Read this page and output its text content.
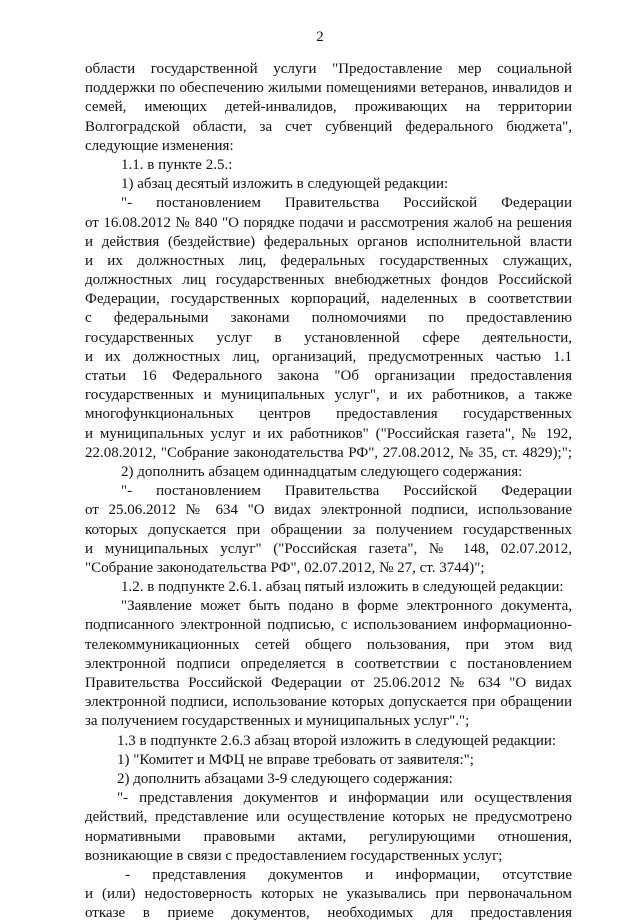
2
области государственной услуги "Предоставление мер социальной
поддержки по обеспечению жилыми помещениями ветеранов, инвалидов и
семей, имеющих детей-инвалидов, проживающих на территории
Волгоградской области, за счет субвенций федерального бюджета",
следующие изменения:
1.1. в пункте 2.5.:
1) абзац десятый изложить в следующей редакции:
"- постановлением Правительства Российской Федерации
от 16.08.2012 № 840 "О порядке подачи и рассмотрения жалоб на решения
и действия (бездействие) федеральных органов исполнительной власти
и их должностных лиц, федеральных государственных служащих,
должностных лиц государственных внебюджетных фондов Российской
Федерации, государственных корпораций, наделенных в соответствии
с федеральными законами полномочиями по предоставлению
государственных услуг в установленной сфере деятельности,
и их должностных лиц, организаций, предусмотренных частью 1.1
статьи 16 Федерального закона "Об организации предоставления
государственных и муниципальных услуг", и их работников, а также
многофункциональных центров предоставления государственных
и муниципальных услуг и их работников" ("Российская газета", № 192,
22.08.2012, "Собрание законодательства РФ", 27.08.2012, № 35, ст. 4829);";
2) дополнить абзацем одиннадцатым следующего содержания:
"- постановлением Правительства Российской Федерации
от 25.06.2012 № 634 "О видах электронной подписи, использование
которых допускается при обращении за получением государственных
и муниципальных услуг" ("Российская газета", № 148, 02.07.2012,
"Собрание законодательства РФ", 02.07.2012, № 27, ст. 3744)";
1.2. в подпункте 2.6.1. абзац пятый изложить в следующей редакции:
"Заявление может быть подано в форме электронного документа,
подписанного электронной подписью, с использованием информационно-
телекоммуникационных сетей общего пользования, при этом вид
электронной подписи определяется в соответствии с постановлением
Правительства Российской Федерации от 25.06.2012 № 634 "О видах
электронной подписи, использование которых допускается при обращении
за получением государственных и муниципальных услуг".";
1.3 в подпункте 2.6.3 абзац второй изложить в следующей редакции:
1) "Комитет и МФЦ не вправе требовать от заявителя:";
2) дополнить абзацами 3-9 следующего содержания:
"- представления документов и информации или осуществления
действий, представление или осуществление которых не предусмотрено
нормативными правовыми актами, регулирующими отношения,
возникающие в связи с предоставлением государственных услуг;
- представления документов и информации, отсутствие
и (или) недостоверность которых не указывались при первоначальном
отказе в приеме документов, необходимых для предоставления
